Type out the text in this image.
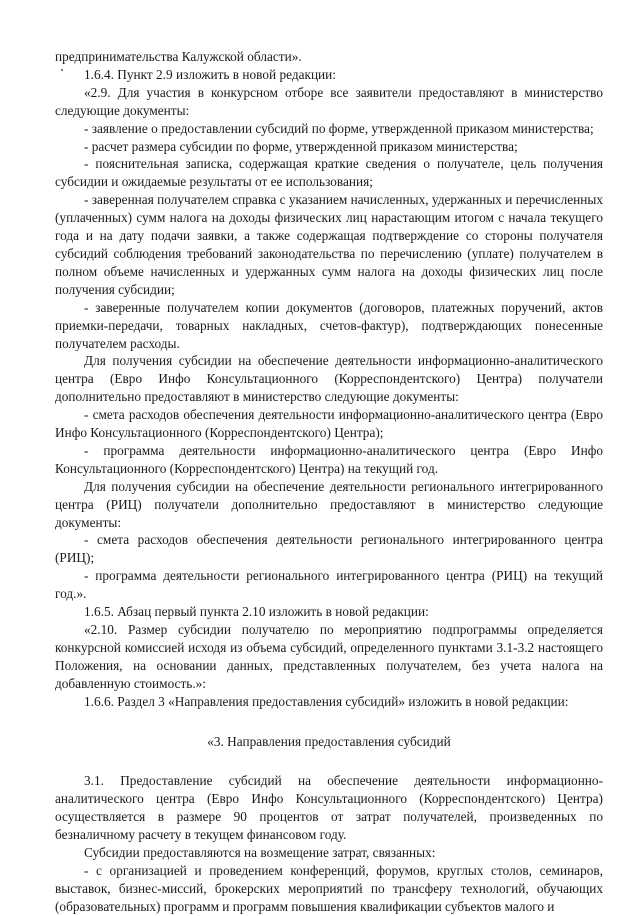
предпринимательства Калужской области».

1.6.4. Пункт 2.9 изложить в новой редакции:

«2.9. Для участия в конкурсном отборе все заявители предоставляют в министерство следующие документы:

- заявление о предоставлении субсидий по форме, утвержденной приказом министерства;

- расчет размера субсидии по форме, утвержденной приказом министерства;

- пояснительная записка, содержащая краткие сведения о получателе, цель получения субсидии и ожидаемые результаты от ее использования;

- заверенная получателем справка с указанием начисленных, удержанных и перечисленных (уплаченных) сумм налога на доходы физических лиц нарастающим итогом с начала текущего года и на дату подачи заявки, а также содержащая подтверждение со стороны получателя субсидий соблюдения требований законодательства по перечислению (уплате) получателем в полном объеме начисленных и удержанных сумм налога на доходы физических лиц после получения субсидии;

- заверенные получателем копии документов (договоров, платежных поручений, актов приемки-передачи, товарных накладных, счетов-фактур), подтверждающих понесенные получателем расходы.

Для получения субсидии на обеспечение деятельности информационно-аналитического центра (Евро Инфо Консультационного (Корреспондентского) Центра) получатели дополнительно предоставляют в министерство следующие документы:

- смета расходов обеспечения деятельности информационно-аналитического центра (Евро Инфо Консультационного (Корреспондентского) Центра);

- программа деятельности информационно-аналитического центра (Евро Инфо Консультационного (Корреспондентского) Центра) на текущий год.

Для получения субсидии на обеспечение деятельности регионального интегрированного центра (РИЦ) получатели дополнительно предоставляют в министерство следующие документы:

- смета расходов обеспечения деятельности регионального интегрированного центра (РИЦ);

- программа деятельности регионального интегрированного центра (РИЦ) на текущий год.».

1.6.5. Абзац первый пункта 2.10 изложить в новой редакции:

«2.10. Размер субсидии получателю по мероприятию подпрограммы определяется конкурсной комиссией исходя из объема субсидий, определенного пунктами 3.1-3.2 настоящего Положения, на основании данных, представленных получателем, без учета налога на добавленную стоимость.»:

1.6.6. Раздел 3 «Направления предоставления субсидий» изложить в новой редакции:

«3. Направления предоставления субсидий

3.1. Предоставление субсидий на обеспечение деятельности информационно-аналитического центра (Евро Инфо Консультационного (Корреспондентского) Центра) осуществляется в размере 90 процентов от затрат получателей, произведенных по безналичному расчету в текущем финансовом году.

Субсидии предоставляются на возмещение затрат, связанных:

- с организацией и проведением конференций, форумов, круглых столов, семинаров, выставок, бизнес-миссий, брокерских мероприятий по трансферу технологий, обучающих (образовательных) программ и программ повышения квалификации субъектов малого и
